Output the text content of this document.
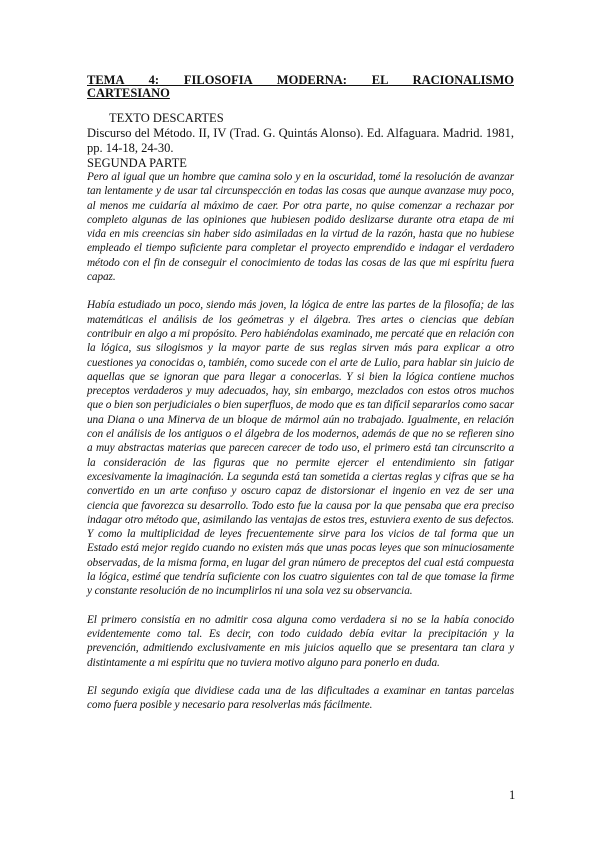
TEMA 4: FILOSOFIA MODERNA: EL RACIONALISMO

CARTESIANO

TEXTO DESCARTES

Discurso del Método. II, IV (Trad. G. Quintás Alonso). Ed. Alfaguara. Madrid. 1981, pp. 14-18, 24-30.

SEGUNDA PARTE

Pero al igual que un hombre que camina solo y en la oscuridad, tomé la resolución de avanzar tan lentamente y de usar tal circunspección en todas las cosas que aunque avanzase muy poco, al menos me cuidaría al máximo de caer. Por otra parte, no quise comenzar a rechazar por completo algunas de las opiniones que hubiesen podido deslizarse durante otra etapa de mi vida en mis creencias sin haber sido asimiladas en la virtud de la razón, hasta que no hubiese empleado el tiempo suficiente para completar el proyecto emprendido e indagar el verdadero método con el fin de conseguir el conocimiento de todas las cosas de las que mi espíritu fuera capaz.

Había estudiado un poco, siendo más joven, la lógica de entre las partes de la filosofía; de las matemáticas el análisis de los geómetras y el álgebra. Tres artes o ciencias que debían contribuir en algo a mi propósito. Pero habiéndolas examinado, me percaté que en relación con la lógica, sus silogismos y la mayor parte de sus reglas sirven más para explicar a otro cuestiones ya conocidas o, también, como sucede con el arte de Lulio, para hablar sin juicio de aquellas que se ignoran que para llegar a conocerlas. Y si bien la lógica contiene muchos preceptos verdaderos y muy adecuados, hay, sin embargo, mezclados con estos otros muchos que o bien son perjudiciales o bien superfluos, de modo que es tan difícil separarlos como sacar una Diana o una Minerva de un bloque de mármol aún no trabajado. Igualmente, en relación con el análisis de los antiguos o el álgebra de los modernos, además de que no se refieren sino a muy abstractas materias que parecen carecer de todo uso, el primero está tan circunscrito a la consideración de las figuras que no permite ejercer el entendimiento sin fatigar excesivamente la imaginación. La segunda está tan sometida a ciertas reglas y cifras que se ha convertido en un arte confuso y oscuro capaz de distorsionar el ingenio en vez de ser una ciencia que favorezca su desarrollo. Todo esto fue la causa por la que pensaba que era preciso indagar otro método que, asimilando las ventajas de estos tres, estuviera exento de sus defectos. Y como la multiplicidad de leyes frecuentemente sirve para los vicios de tal forma que un Estado está mejor regido cuando no existen más que unas pocas leyes que son minuciosamente observadas, de la misma forma, en lugar del gran número de preceptos del cual está compuesta la lógica, estimé que tendría suficiente con los cuatro siguientes con tal de que tomase la firme y constante resolución de no incumplirlos ni una sola vez su observancia.

El primero consistía en no admitir cosa alguna como verdadera si no se la había conocido evidentemente como tal. Es decir, con todo cuidado debía evitar la precipitación y la prevención, admitiendo exclusivamente en mis juicios aquello que se presentara tan clara y distintamente a mi espíritu que no tuviera motivo alguno para ponerlo en duda.

El segundo exigía que dividiese cada una de las dificultades a examinar en tantas parcelas como fuera posible y necesario para resolverlas más fácilmente.

1
